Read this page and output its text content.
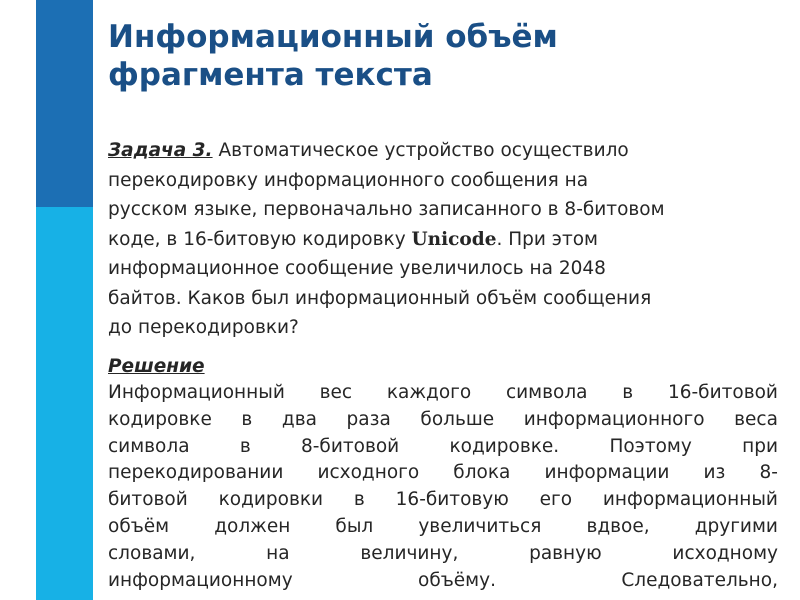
Информационный объём
фрагмента текста

Задача 3. Автоматическое устройство осуществило
перекодировку информационного сообщения на
русском языке, первоначально записанного в 8-битовом
коде, в 16-битовую кодировку Unicode. При этом
информационное сообщение увеличилось на 2048
байтов. Каков был информационный объём сообщения
до перекодировки?

Решение

Информационный вес каждого символа в 16-битовой
кодировке в два раза больше информационного веса
символа	в	8-битовой	кодировке.	Поэтому	при
перекодировании исходного блока информации из 8-
битовой кодировки в 16-битовую его информационный
объём должен был увеличиться вдвое, другими
словами,	на	величину,	равную	исходному
информационному	объёму.	Следовательно,
